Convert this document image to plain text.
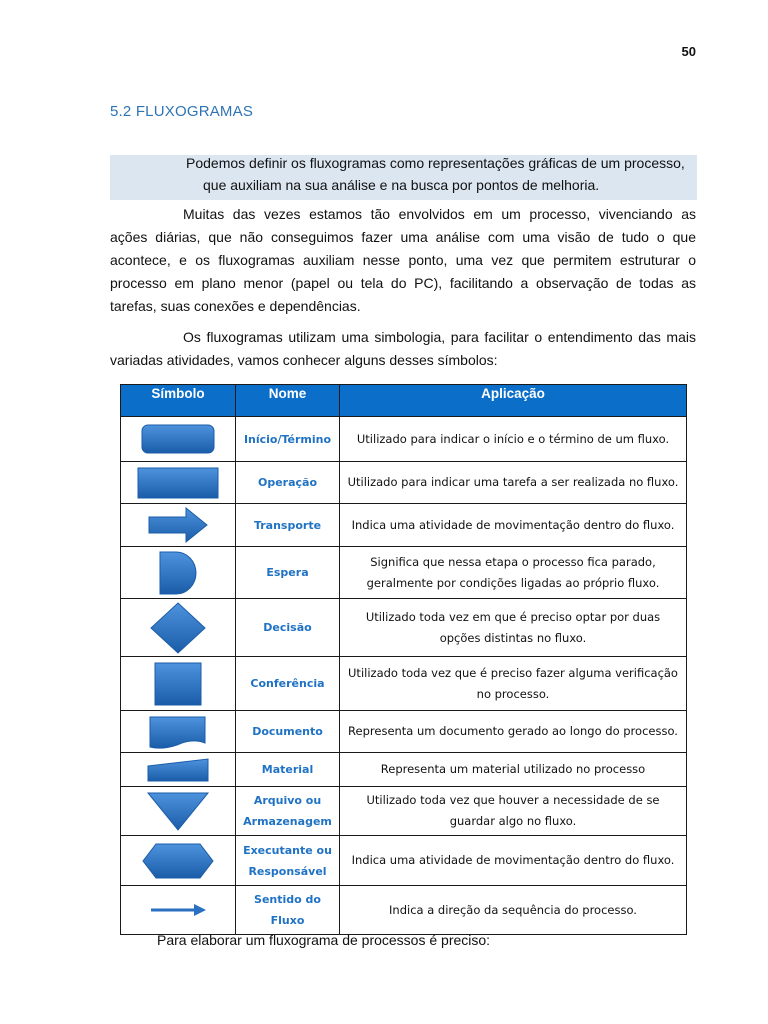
50
5.2 FLUXOGRAMAS
Podemos definir os fluxogramas como representações gráficas de um processo,
que auxiliam na sua análise e na busca por pontos de melhoria.
Muitas das vezes estamos tão envolvidos em um processo, vivenciando as
ações diárias, que não conseguimos fazer uma análise com uma visão de tudo o que
acontece, e os fluxogramas auxiliam nesse ponto, uma vez que permitem estruturar o
processo em plano menor (papel ou tela do PC), facilitando a observação de todas as
tarefas, suas conexões e dependências.
Os fluxogramas utilizam uma simbologia, para facilitar o entendimento das mais
variadas atividades, vamos conhecer alguns desses símbolos:
Símbolo	Nome	Aplicação

	Início/Término	Utilizado para indicar o início e o término de um fluxo.

	Operação	Utilizado para indicar uma tarefa a ser realizada no fluxo.

	Transporte	Indica uma atividade de movimentação dentro do fluxo.

	Espera	Significa que nessa etapa o processo fica parado,
geralmente por condições ligadas ao próprio fluxo.

	Decisão	Utilizado toda vez em que é preciso optar por duas
opções distintas no fluxo.

	Conferência	Utilizado toda vez que é preciso fazer alguma verificação
no processo.

	Documento	Representa um documento gerado ao longo do processo.

	Material	Representa um material utilizado no processo

	Arquivo ou
Armazenagem	Utilizado toda vez que houver a necessidade de se
guardar algo no fluxo.

	Executante ou
Responsável	Indica uma atividade de movimentação dentro do fluxo.

	Sentido do
Fluxo	Indica a direção da sequência do processo.
Para elaborar um fluxograma de processos é preciso:
